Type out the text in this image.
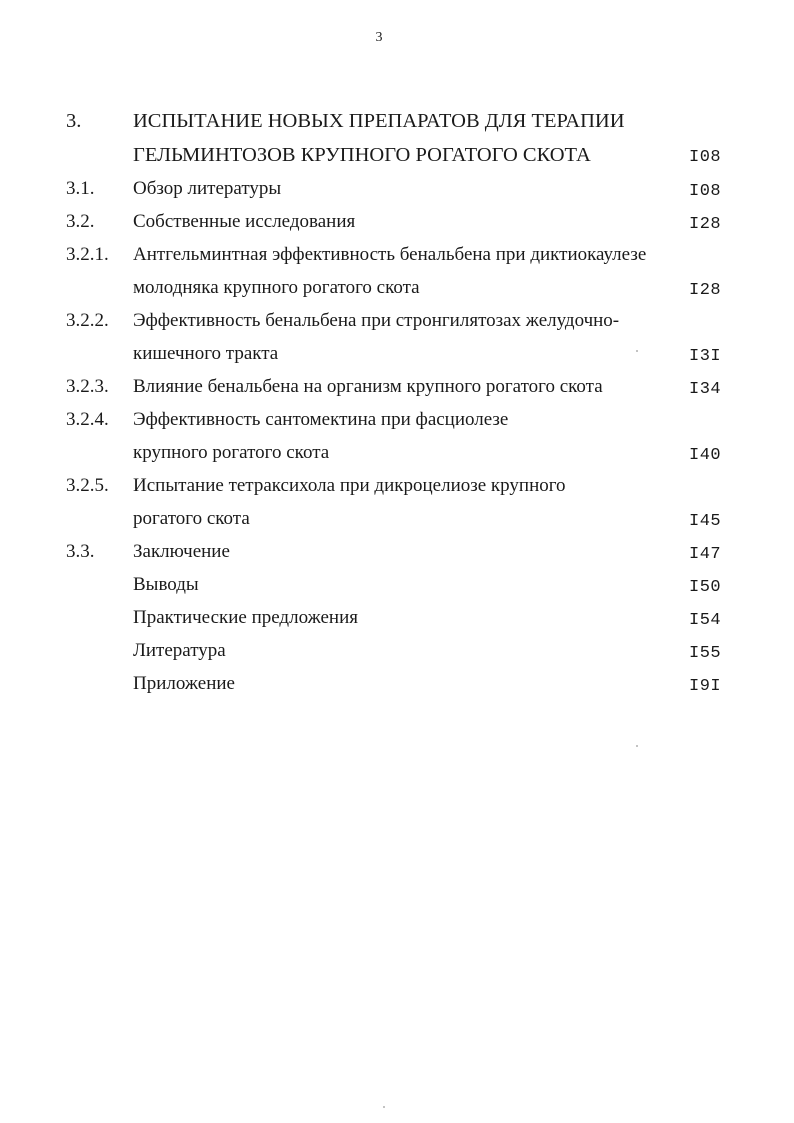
3
3.	ИСПЫТАНИЕ НОВЫХ ПРЕПАРАТОВ ДЛЯ ТЕРАПИИ
ГЕЛЬМИНТОЗОВ КРУПНОГО РОГАТОГО СКОТА	I08
3.1. Обзор литературы	I08
3.2. Собственные исследования	I28
3.2.1. Антгельминтная эффективность бенальбена при диктиокаулезе
молодняка крупного рогатого скота	I28
3.2.2. Эффективность бенальбена при стронгилятозах желудочно-
кишечного тракта	I3I
3.2.3. Влияние бенальбена на организм крупного рогатого скота	I34
3.2.4. Эффективность сантомектина при фасциолезе
крупного рогатого скота	I40
3.2.5. Испытание тетраксихола при дикроцелиозе крупного
рогатого скота	I45
3.3. Заключение	I47
Выводы	I50
Практические предложения	I54
Литература	I55
Приложение	I9I
